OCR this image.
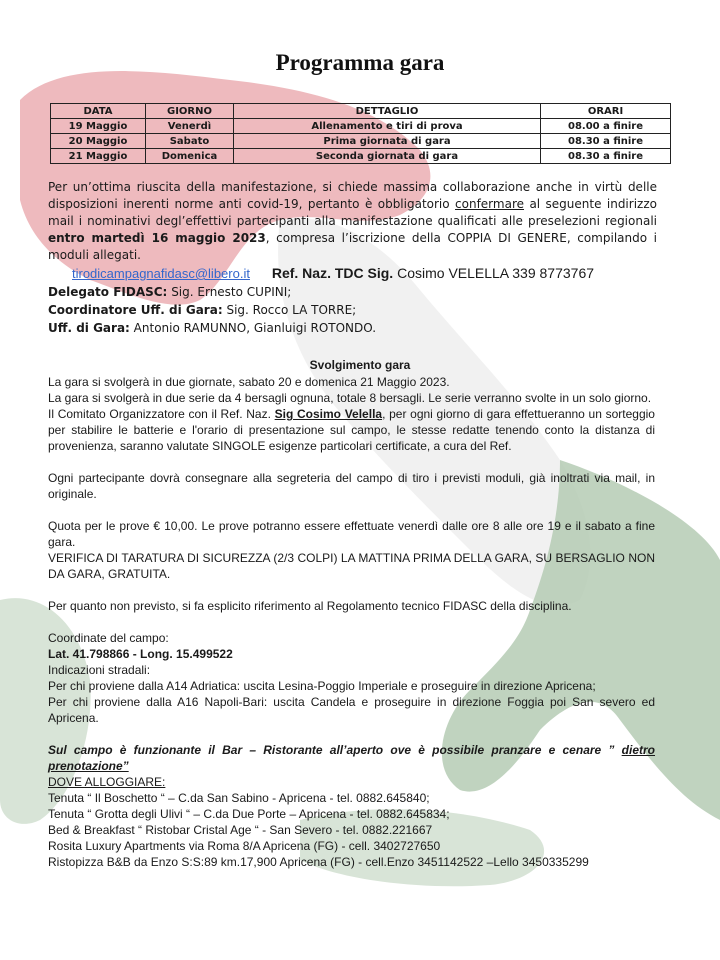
pixers
Programma gara
DATA	GIORNO	DETTAGLIO	ORARI
19 Maggio	Venerdì	Allenamento e tiri di prova	08.00 a finire
20 Maggio	Sabato	Prima giornata di gara	08.30 a finire
21 Maggio	Domenica	Seconda giornata di gara	08.30 a finire
Per un’ottima riuscita della manifestazione, si chiede massima collaborazione anche in virtù delle disposizioni inerenti norme anti covid-19, pertanto è obbligatorio confermare al seguente indirizzo mail i nominativi degl’effettivi partecipanti alla manifestazione qualificati alle preselezioni regionali entro martedì 16 maggio 2023, compresa l’iscrizione della COPPIA DI GENERE, compilando i moduli allegati.
tirodicampagnafidasc@libero.it Ref. Naz. TDC Sig. Cosimo VELELLA 339 8773767
Delegato FIDASC: Sig. Ernesto CUPINI;
Coordinatore Uff. di Gara: Sig. Rocco LA TORRE;
Uff. di Gara: Antonio RAMUNNO, Gianluigi ROTONDO.
Svolgimento gara

La gara si svolgerà in due giornate, sabato 20 e domenica 21 Maggio 2023.

La gara si svolgerà in due serie da 4 bersagli ognuna, totale 8 bersagli. Le serie verranno svolte in un solo giorno.

Il Comitato Organizzatore con il Ref. Naz. Sig Cosimo Velella, per ogni giorno di gara effettueranno un sorteggio per stabilire le batterie e l'orario di presentazione sul campo, le stesse redatte tenendo conto la distanza di provenienza, saranno valutate SINGOLE esigenze particolari certificate, a cura del Ref.

Ogni partecipante dovrà consegnare alla segreteria del campo di tiro i previsti moduli, già inoltrati via mail, in originale.

Quota per le prove € 10,00. Le prove potranno essere effettuate venerdì dalle ore 8 alle ore 19 e il sabato a fine gara.

VERIFICA DI TARATURA DI SICUREZZA (2/3 COLPI) LA MATTINA PRIMA DELLA GARA, SU BERSAGLIO NON DA GARA, GRATUITA.

Per quanto non previsto, si fa esplicito riferimento al Regolamento tecnico FIDASC della disciplina.

Coordinate del campo:

Lat. 41.798866 - Long. 15.499522

Indicazioni stradali:

Per chi proviene dalla A14 Adriatica: uscita Lesina-Poggio Imperiale e proseguire in direzione Apricena;

Per chi proviene dalla A16 Napoli-Bari: uscita Candela e proseguire in direzione Foggia poi San severo ed Apricena.

Sul campo è funzionante il Bar – Ristorante all’aperto ove è possibile pranzare e cenare ” dietro prenotazione”

DOVE ALLOGGIARE:

Tenuta “ Il Boschetto “ – C.da San Sabino - Apricena - tel. 0882.645840;

Tenuta “ Grotta degli Ulivi “ – C.da Due Porte – Apricena - tel. 0882.645834;

Bed & Breakfast “ Ristobar Cristal Age “ - San Severo - tel. 0882.221667

Rosita Luxury Apartments via Roma 8/A Apricena (FG) - cell. 3402727650

Ristopizza B&B da Enzo S:S:89 km.17,900 Apricena (FG) - cell.Enzo 3451142522 –Lello 3450335299
